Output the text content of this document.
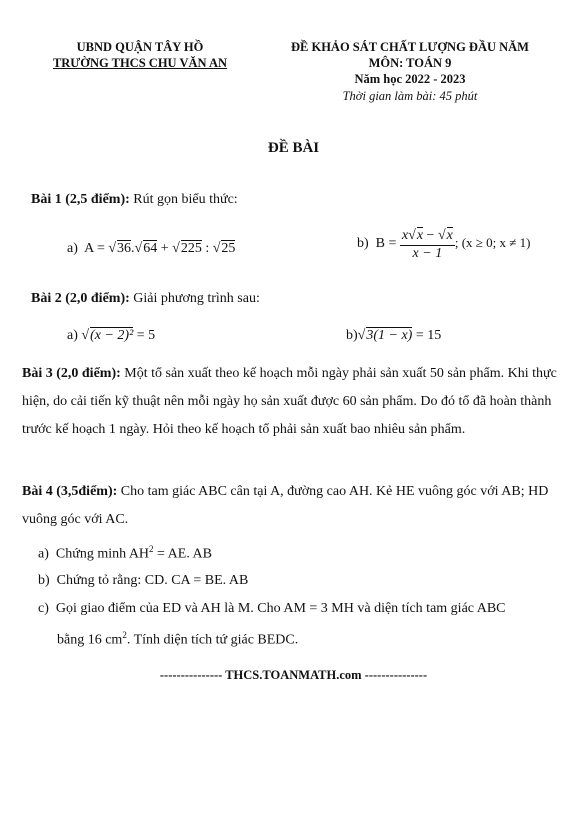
UBND QUẬN TÂY HỒ
TRƯỜNG THCS CHU VĂN AN
ĐỀ KHẢO SÁT CHẤT LƯỢNG ĐẦU NĂM
MÔN: TOÁN 9
Năm học 2022 - 2023
Thời gian làm bài: 45 phút
ĐỀ BÀI
Bài 1 (2,5 điểm): Rút gọn biểu thức:
a) A = √36.√64 + √225 : √25	b) $B = \frac{x√x - √x}{x - 1}$ ; (x ≥ 0; x ≠ 1)
Bài 2 (2,0 điểm): Giải phương trình sau:
a) √(x − 2)² = 5	b)√3(1 − x) = 15
Bài 3 (2,0 điểm): Một tổ sản xuất theo kế hoạch mỗi ngày phải sản xuất 50 sản phẩm. Khi thực hiện, do cải tiến kỹ thuật nên mỗi ngày họ sản xuất được 60 sản phẩm. Do đó tổ đã hoàn thành trước kế hoạch 1 ngày. Hỏi theo kế hoạch tổ phải sản xuất bao nhiêu sản phẩm.
Bài 4 (3,5điểm): Cho tam giác ABC cân tại A, đường cao AH. Kẻ HE vuông góc với AB; HD vuông góc với AC.
a) Chứng minh $AH^2$ = AE. AB
b) Chứng tỏ rằng: CD. CA = BE. AB
c) Gọi giao điểm của ED và AH là M. Cho AM = 3 MH và diện tích tam giác ABC
bằng 16 $cm^2$. Tính diện tích tứ giác BEDC.
--------------- THCS.TOANMATH.com ---------------
